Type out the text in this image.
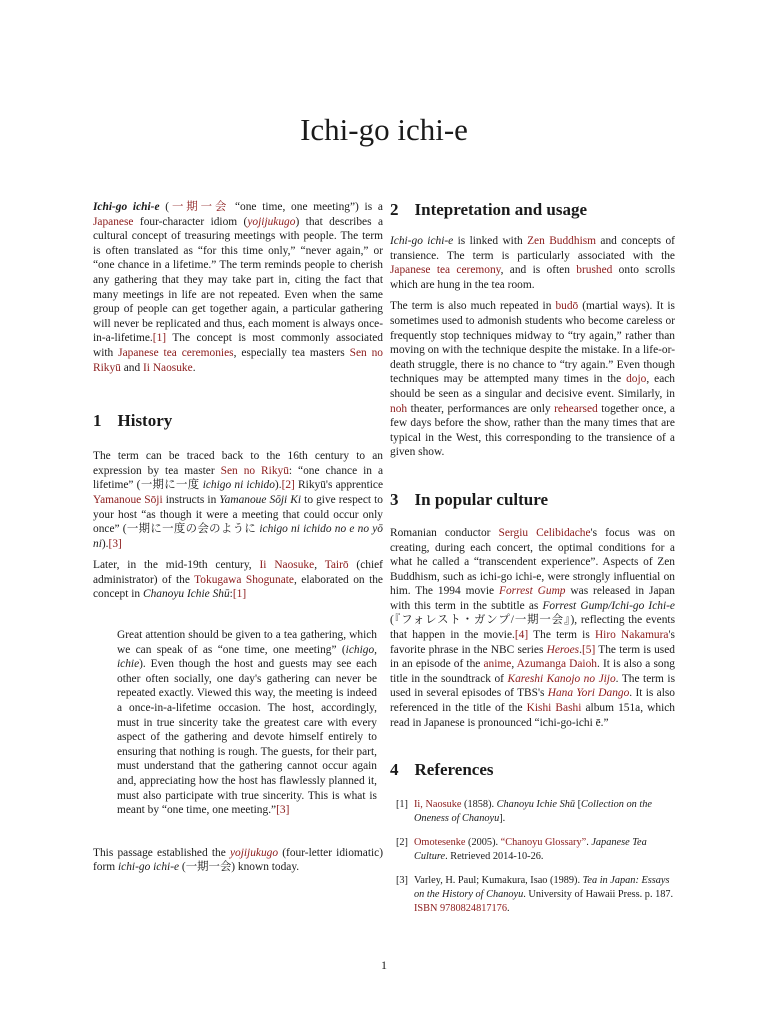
Ichi-go ichi-e

Ichi-go ichi-e (一期一会 “one time, one meeting”) is a Japanese four-character idiom (yojijukugo) that describes a cultural concept of treasuring meetings with people. The term is often translated as “for this time only,” “never again,” or “one chance in a lifetime.” The term reminds people to cherish any gathering that they may take part in, citing the fact that many meetings in life are not repeated. Even when the same group of people can get together again, a particular gathering will never be replicated and thus, each moment is always once-in-a-lifetime.[1] The concept is most commonly associated with Japanese tea ceremonies, especially tea masters Sen no Rikyū and Ii Naosuke.

1 History

The term can be traced back to the 16th century to an expression by tea master Sen no Rikyū: “one chance in a lifetime” (一期に一度 ichigo ni ichido).[2] Rikyū's apprentice Yamanoue Sōji instructs in Yamanoue Sōji Ki to give respect to your host “as though it were a meeting that could occur only once” (一期に一度の会のように ichigo ni ichido no e no yō ni).[3]

Later, in the mid-19th century, Ii Naosuke, Tairō (chief administrator) of the Tokugawa Shogunate, elaborated on the concept in Chanoyu Ichie Shū:[1]

Great attention should be given to a tea gathering, which we can speak of as “one time, one meeting” (ichigo, ichie). Even though the host and guests may see each other often socially, one day's gathering can never be repeated exactly. Viewed this way, the meeting is indeed a once-in-a-lifetime occasion. The host, accordingly, must in true sincerity take the greatest care with every aspect of the gathering and devote himself entirely to ensuring that nothing is rough. The guests, for their part, must understand that the gathering cannot occur again and, appreciating how the host has flawlessly planned it, must also participate with true sincerity. This is what is meant by “one time, one meeting.”[3]

This passage established the yojijukugo (four-letter idiomatic) form ichi-go ichi-e (一期一会) known today.

2 Intepretation and usage

Ichi-go ichi-e is linked with Zen Buddhism and concepts of transience. The term is particularly associated with the Japanese tea ceremony, and is often brushed onto scrolls which are hung in the tea room.

The term is also much repeated in budō (martial ways). It is sometimes used to admonish students who become careless or frequently stop techniques midway to “try again,” rather than moving on with the technique despite the mistake. In a life-or-death struggle, there is no chance to “try again.” Even though techniques may be attempted many times in the dojo, each should be seen as a singular and decisive event. Similarly, in noh theater, performances are only rehearsed together once, a few days before the show, rather than the many times that are typical in the West, this corresponding to the transience of a given show.

3 In popular culture

Romanian conductor Sergiu Celibidache's focus was on creating, during each concert, the optimal conditions for a what he called a “transcendent experience”. Aspects of Zen Buddhism, such as ichi-go ichi-e, were strongly influential on him. The 1994 movie Forrest Gump was released in Japan with this term in the subtitle as Forrest Gump/Ichi-go Ichi-e (『フォレスト・ガンプ/一期一会』), reflecting the events that happen in the movie.[4] The term is Hiro Nakamura's favorite phrase in the NBC series Heroes.[5] The term is used in an episode of the anime, Azumanga Daioh. It is also a song title in the soundtrack of Kareshi Kanojo no Jijo. The term is used in several episodes of TBS's Hana Yori Dango. It is also referenced in the title of the Kishi Bashi album 151a, which read in Japanese is pronounced “ichi-go-ichi ē.”

4 References
[1] Ii, Naosuke (1858). Chanoyu Ichie Shū [Collection on the Oneness of Chanoyu].
[2] Omotesenke (2005). “Chanoyu Glossary”. Japanese Tea Culture. Retrieved 2014-10-26.
[3] Varley, H. Paul; Kumakura, Isao (1989). Tea in Japan: Essays on the History of Chanoyu. University of Hawaii Press. p. 187. ISBN 9780824817176.
1
